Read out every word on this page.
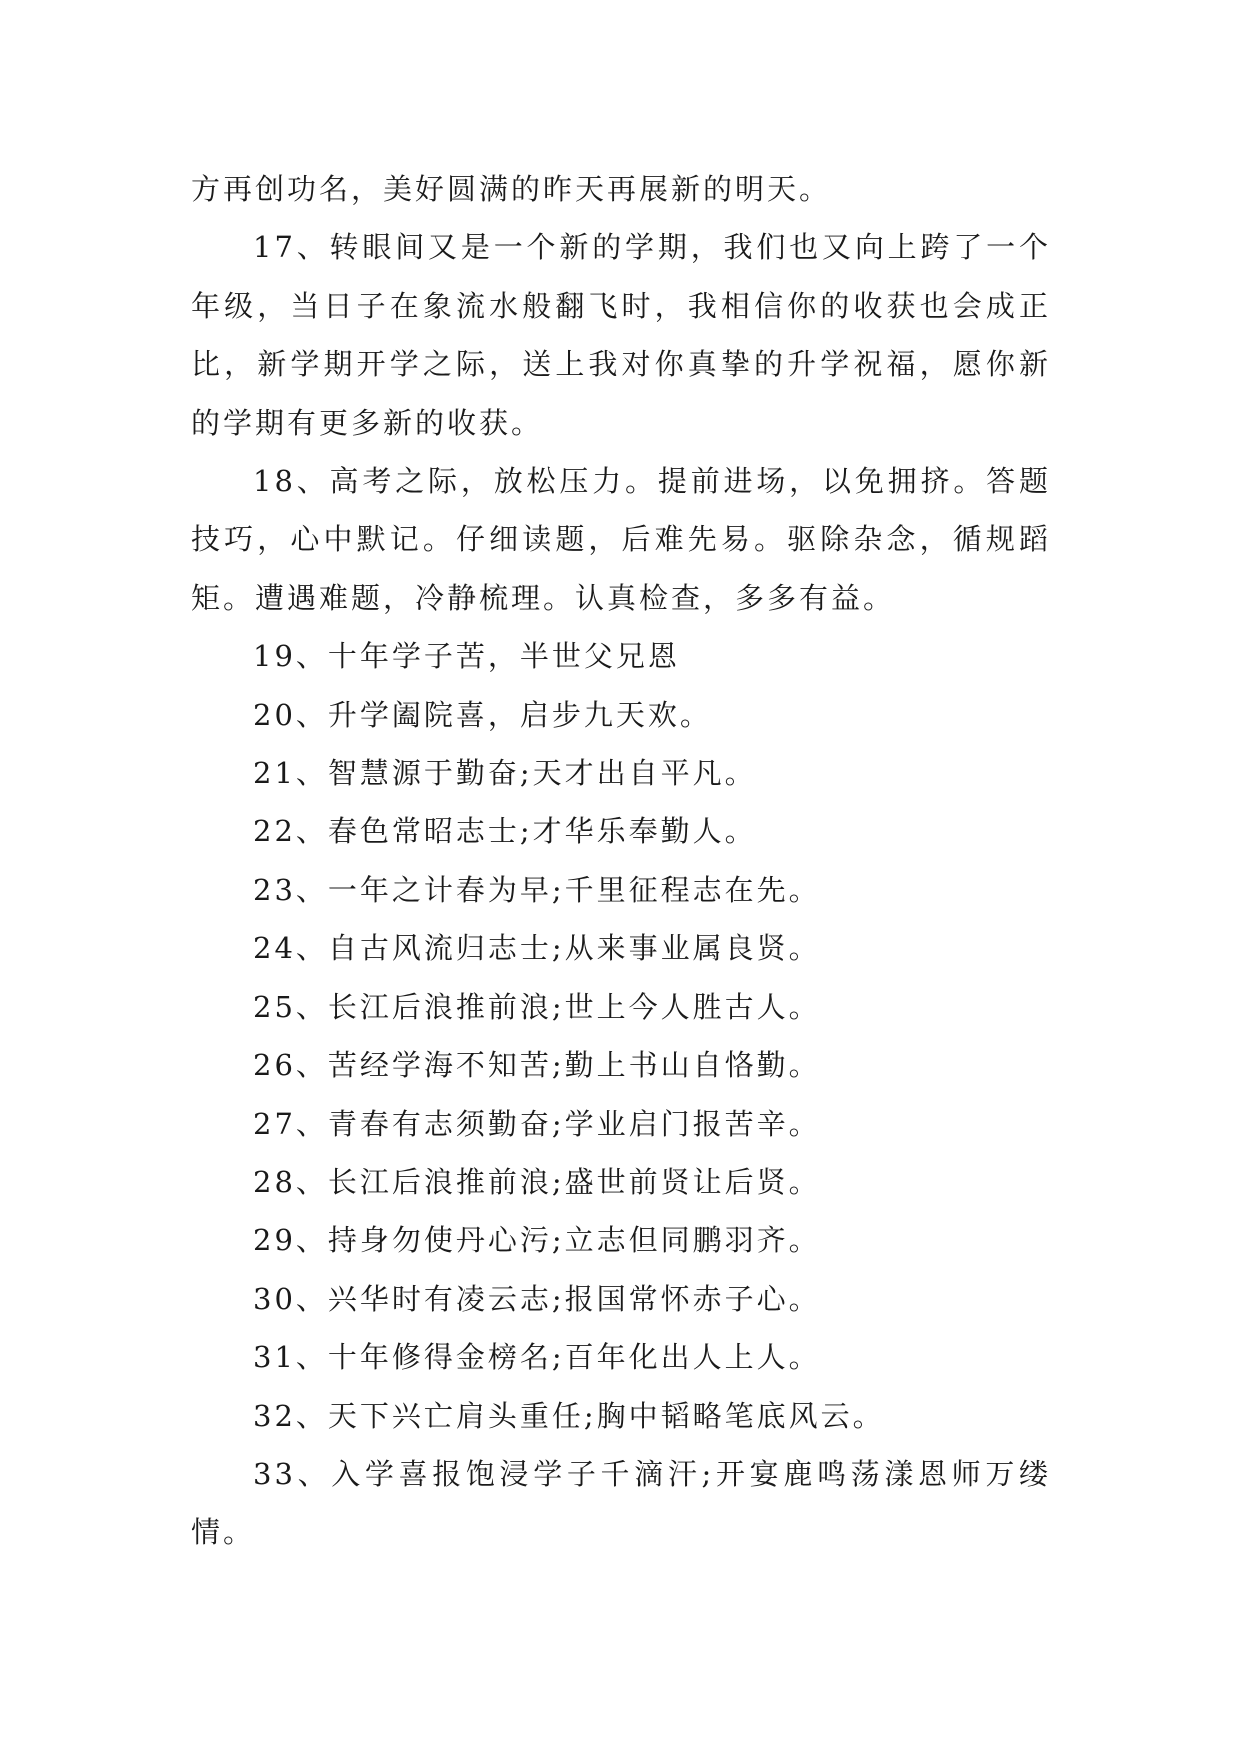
方再创功名，美好圆满的昨天再展新的明天。

17、转眼间又是一个新的学期，我们也又向上跨了一个年级，当日子在象流水般翻飞时，我相信你的收获也会成正比，新学期开学之际，送上我对你真挚的升学祝福，愿你新的学期有更多新的收获。

18、高考之际，放松压力。提前进场，以免拥挤。答题技巧，心中默记。仔细读题，后难先易。驱除杂念，循规蹈矩。遭遇难题，冷静梳理。认真检查，多多有益。

19、十年学子苦，半世父兄恩

20、升学阖院喜，启步九天欢。

21、智慧源于勤奋;天才出自平凡。

22、春色常昭志士;才华乐奉勤人。

23、一年之计春为早;千里征程志在先。

24、自古风流归志士;从来事业属良贤。

25、长江后浪推前浪;世上今人胜古人。

26、苦经学海不知苦;勤上书山自恪勤。

27、青春有志须勤奋;学业启门报苦辛。

28、长江后浪推前浪;盛世前贤让后贤。

29、持身勿使丹心污;立志但同鹏羽齐。

30、兴华时有凌云志;报国常怀赤子心。

31、十年修得金榜名;百年化出人上人。

32、天下兴亡肩头重任;胸中韬略笔底风云。

33、入学喜报饱浸学子千滴汗;开宴鹿鸣荡漾恩师万缕情。
